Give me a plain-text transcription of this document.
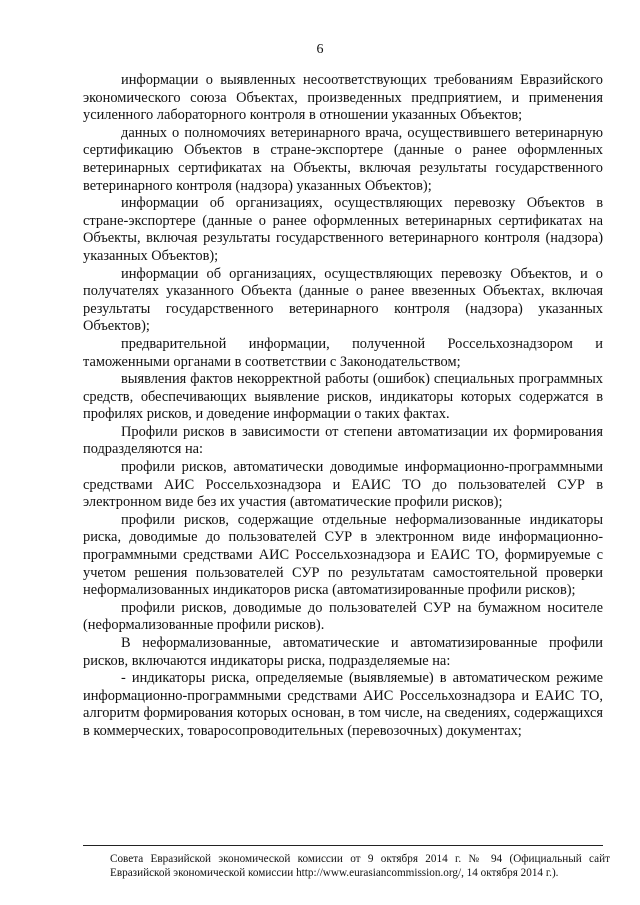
6

информации о выявленных несоответствующих требованиям Евразийского экономического союза Объектах, произведенных предприятием, и применения усиленного лабораторного контроля в отношении указанных Объектов;

данных о полномочиях ветеринарного врача, осуществившего ветеринарную сертификацию Объектов в стране-экспортере (данные о ранее оформленных ветеринарных сертификатах на Объекты, включая результаты государственного ветеринарного контроля (надзора) указанных Объектов);

информации об организациях, осуществляющих перевозку Объектов в стране-экспортере (данные о ранее оформленных ветеринарных сертификатах на Объекты, включая результаты государственного ветеринарного контроля (надзора) указанных Объектов);

информации об организациях, осуществляющих перевозку Объектов, и о получателях указанного Объекта (данные о ранее ввезенных Объектах, включая результаты государственного ветеринарного контроля (надзора) указанных Объектов);

предварительной информации, полученной Россельхознадзором и таможенными органами в соответствии с Законодательством;

выявления фактов некорректной работы (ошибок) специальных программных средств, обеспечивающих выявление рисков, индикаторы которых содержатся в профилях рисков, и доведение информации о таких фактах.

Профили рисков в зависимости от степени автоматизации их формирования подразделяются на:

профили рисков, автоматически доводимые информационно-программными средствами АИС Россельхознадзора и ЕАИС ТО до пользователей СУР в электронном виде без их участия (автоматические профили рисков);

профили рисков, содержащие отдельные неформализованные индикаторы риска, доводимые до пользователей СУР в электронном виде информационно-программными средствами АИС Россельхознадзора и ЕАИС ТО, формируемые с учетом решения пользователей СУР по результатам самостоятельной проверки неформализованных индикаторов риска (автоматизированные профили рисков);

профили рисков, доводимые до пользователей СУР на бумажном носителе (неформализованные профили рисков).

В неформализованные, автоматические и автоматизированные профили рисков, включаются индикаторы риска, подразделяемые на:

- индикаторы риска, определяемые (выявляемые) в автоматическом режиме информационно-программными средствами АИС Россельхознадзора и ЕАИС ТО, алгоритм формирования которых основан, в том числе, на сведениях, содержащихся в коммерческих, товаросопроводительных (перевозочных) документах;

Совета Евразийской экономической комиссии от 9 октября 2014 г. № 94 (Официальный сайт Евразийской экономической комиссии http://www.eurasiancommission.org/, 14 октября 2014 г.).
